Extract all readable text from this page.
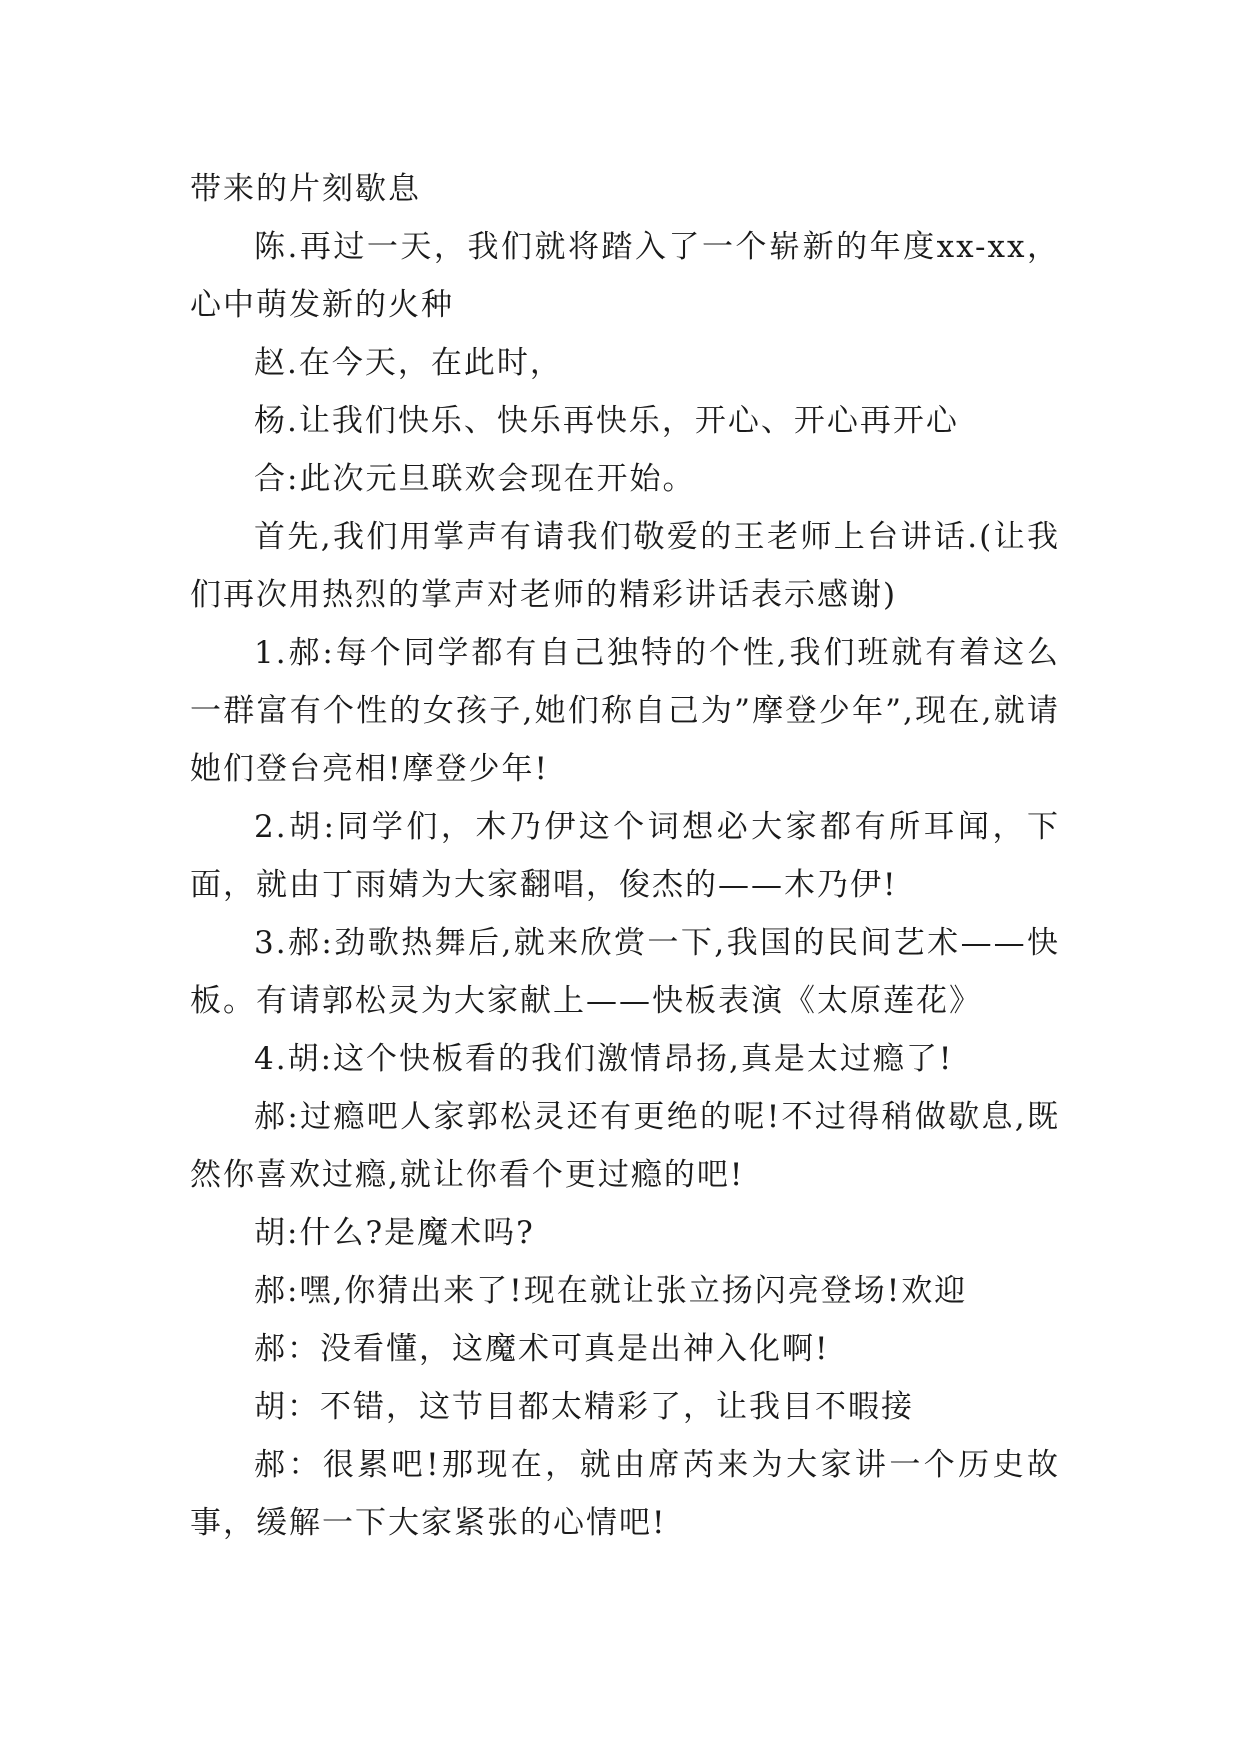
带来的片刻歇息

陈.再过一天，我们就将踏入了一个崭新的年度xx-xx，心中萌发新的火种

赵.在今天，在此时，

杨.让我们快乐、快乐再快乐，开心、开心再开心

合:此次元旦联欢会现在开始。

首先,我们用掌声有请我们敬爱的王老师上台讲话.(让我们再次用热烈的掌声对老师的精彩讲话表示感谢)

1.郝:每个同学都有自己独特的个性,我们班就有着这么一群富有个性的女孩子,她们称自己为”摩登少年”,现在,就请她们登台亮相!摩登少年!

2.胡:同学们，木乃伊这个词想必大家都有所耳闻，下面，就由丁雨婧为大家翻唱，俊杰的——木乃伊!

3.郝:劲歌热舞后,就来欣赏一下,我国的民间艺术——快板。有请郭松灵为大家献上——快板表演《太原莲花》

4.胡:这个快板看的我们激情昂扬,真是太过瘾了!

郝:过瘾吧人家郭松灵还有更绝的呢!不过得稍做歇息,既然你喜欢过瘾,就让你看个更过瘾的吧!

胡:什么?是魔术吗?

郝:嘿,你猜出来了!现在就让张立扬闪亮登场!欢迎

郝：没看懂，这魔术可真是出神入化啊!

胡：不错，这节目都太精彩了，让我目不暇接

郝：很累吧!那现在，就由席芮来为大家讲一个历史故事，缓解一下大家紧张的心情吧!
